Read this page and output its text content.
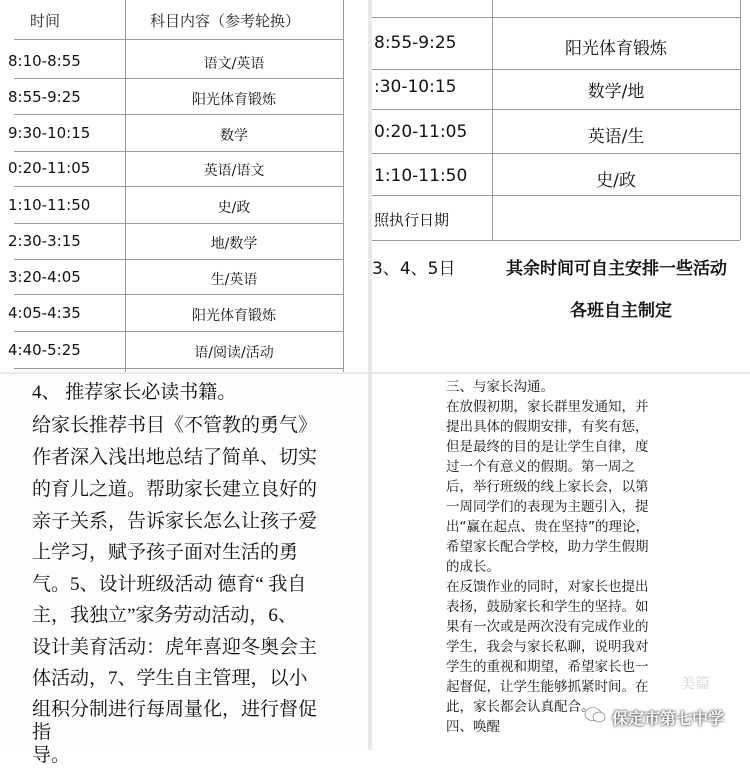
时间	科目内容（参考轮换）
8:10-8:55	语文/英语
8:55-9:25	阳光体育锻炼
9:30-10:15	数学
0:20-11:05	英语/语文
1:10-11:50	史/政
2:30-3:15	地/数学
3:20-4:05	生/英语
4:05-4:35	阳光体育锻炼
4:40-5:25	语/阅读/活动
8:55-9:25	阳光体育锻炼
:30-10:15	数学/地
0:20-11:05	英语/生
1:10-11:50	史/政
照执行日期
3、4、5日	其余时间可自主安排一些活动
各班自主制定
4、 推荐家长必读书籍。
给家长推荐书目《不管教的勇气》
作者深入浅出地总结了简单、切实
的育儿之道。帮助家长建立良好的
亲子关系，告诉家长怎么让孩子爱
上学习，赋予孩子面对生活的勇
气。5、设计班级活动 德育“ 我自
主，我独立”家务劳动活动，6、
设计美育活动：虎年喜迎冬奥会主
体活动，7、学生自主管理，以小
组积分制进行每周量化，进行督促
指
导。
三、与家长沟通。
在放假初期，家长群里发通知，并
提出具体的假期安排，有奖有惩，
但是最终的目的是让学生自律，度
过一个有意义的假期。第一周之
后，举行班级的线上家长会，以第
一周同学们的表现为主题引入，提
出“赢在起点、贵在坚持”的理论，
希望家长配合学校，助力学生假期
的成长。
在反馈作业的同时，对家长也提出
表扬，鼓励家长和学生的坚持。如
果有一次或是两次没有完成作业的
学生，我会与家长私聊，说明我对
学生的重视和期望，希望家长也一
起督促，让学生能够抓紧时间。在
此，家长都会认真配合。
四、唤醒
美篇
保定市第七中学
